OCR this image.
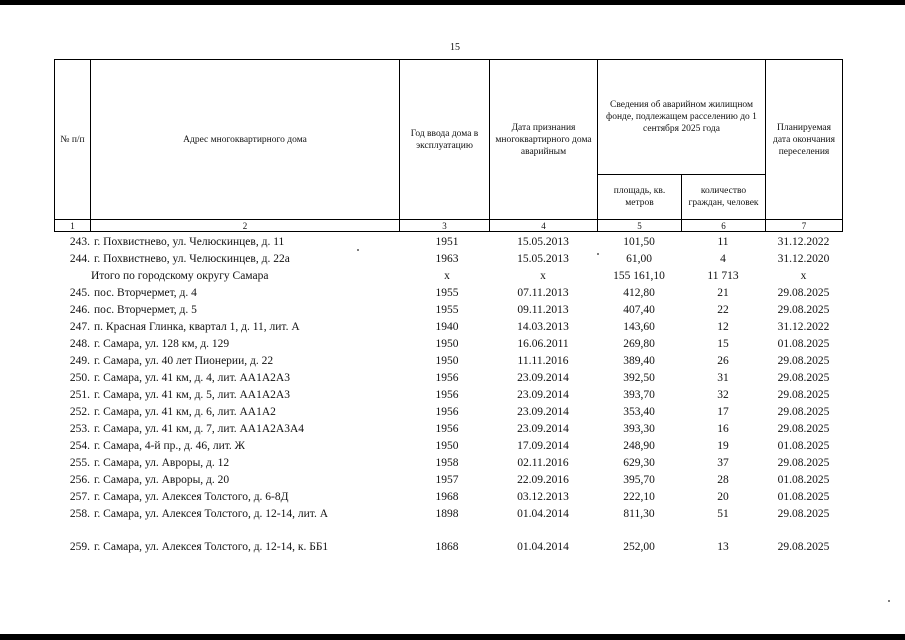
15
№ п/п	Адрес многоквартирного дома	Год ввода дома в эксплуатацию	Дата признания многоквартирного дома аварийным	Сведения об аварийном жилищном фонде, подлежащем расселению до 1 сентября 2025 года		Планируемая дата окончания переселения
				площадь, кв. метров	количество граждан, человек	
1	2	3	4	5	6	7
243. г. Похвистнево, ул. Челюскинцев, д. 11	1951	15.05.2013	101,50	11	31.12.2022
244. г. Похвистнево, ул. Челюскинцев, д. 22а	1963	15.05.2013	61,00	4	31.12.2020
Итого по городскому округу Самара	х	х	155 161,10	11 713	х
245. пос. Вторчермет, д. 4	1955	07.11.2013	412,80	21	29.08.2025
246. пос. Вторчермет, д. 5	1955	09.11.2013	407,40	22	29.08.2025
247. п. Красная Глинка, квартал 1, д. 11, лит. А	1940	14.03.2013	143,60	12	31.12.2022
248. г. Самара, ул. 128 км, д. 129	1950	16.06.2011	269,80	15	01.08.2025
249. г. Самара, ул. 40 лет Пионерии, д. 22	1950	11.11.2016	389,40	26	29.08.2025
250. г. Самара, ул. 41 км, д. 4, лит. АА1А2А3	1956	23.09.2014	392,50	31	29.08.2025
251. г. Самара, ул. 41 км, д. 5, лит. АА1А2А3	1956	23.09.2014	393,70	32	29.08.2025
252. г. Самара, ул. 41 км, д. 6, лит. АА1А2	1956	23.09.2014	353,40	17	29.08.2025
253. г. Самара, ул. 41 км, д. 7, лит. АА1А2А3А4	1956	23.09.2014	393,30	16	29.08.2025
254. г. Самара, 4-й пр., д. 46, лит. Ж	1950	17.09.2014	248,90	19	01.08.2025
255. г. Самара, ул. Авроры, д. 12	1958	02.11.2016	629,30	37	29.08.2025
256. г. Самара, ул. Авроры, д. 20	1957	22.09.2016	395,70	28	01.08.2025
257. г. Самара, ул. Алексея Толстого, д. 6-8Д	1968	03.12.2013	222,10	20	01.08.2025
258. г. Самара, ул. Алексея Толстого, д. 12-14, лит. А	1898	01.04.2014	811,30	51	29.08.2025
259. г. Самара, ул. Алексея Толстого, д. 12-14, к. ББ1	1868	01.04.2014	252,00	13	29.08.2025
